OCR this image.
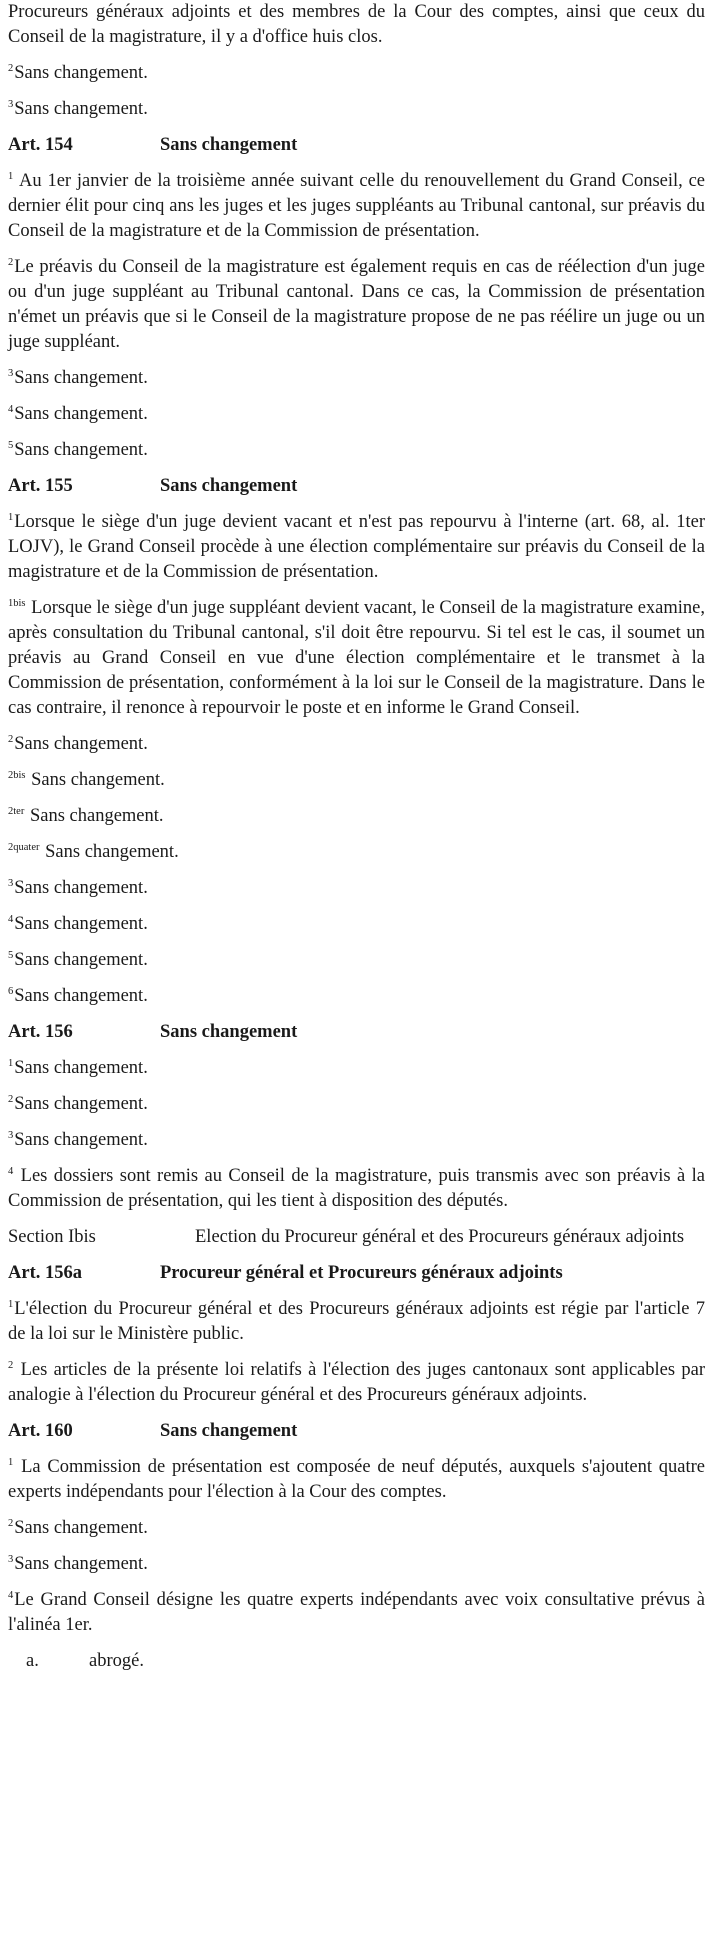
Procureurs généraux adjoints et des membres de la Cour des comptes, ainsi que ceux du Conseil de la magistrature, il y a d'office huis clos.

$^2$Sans changement.

$^3$Sans changement.

Art. 154	Sans changement

$^1$ Au 1er janvier de la troisième année suivant celle du renouvellement du Grand Conseil, ce dernier élit pour cinq ans les juges et les juges suppléants au Tribunal cantonal, sur préavis du Conseil de la magistrature et de la Commission de présentation.

$^2$Le préavis du Conseil de la magistrature est également requis en cas de réélection d'un juge ou d'un juge suppléant au Tribunal cantonal. Dans ce cas, la Commission de présentation n'émet un préavis que si le Conseil de la magistrature propose de ne pas réélire un juge ou un juge suppléant.

$^3$Sans changement.

$^4$Sans changement.

$^5$Sans changement.

Art. 155	Sans changement

$^1$Lorsque le siège d'un juge devient vacant et n'est pas repourvu à l'interne (art. 68, al. 1ter LOJV), le Grand Conseil procède à une élection complémentaire sur préavis du Conseil de la magistrature et de la Commission de présentation.

$^{1bis}$ Lorsque le siège d'un juge suppléant devient vacant, le Conseil de la magistrature examine, après consultation du Tribunal cantonal, s'il doit être repourvu. Si tel est le cas, il soumet un préavis au Grand Conseil en vue d'une élection complémentaire et le transmet à la Commission de présentation, conformément à la loi sur le Conseil de la magistrature. Dans le cas contraire, il renonce à repourvoir le poste et en informe le Grand Conseil.

$^2$Sans changement.

$^{2bis}$ Sans changement.

$^{2ter}$ Sans changement.

$^{2quater}$ Sans changement.

$^3$Sans changement.

$^4$Sans changement.

$^5$Sans changement.

$^6$Sans changement.

Art. 156	Sans changement

$^1$Sans changement.

$^2$Sans changement.

$^3$Sans changement.

$^4$ Les dossiers sont remis au Conseil de la magistrature, puis transmis avec son préavis à la Commission de présentation, qui les tient à disposition des députés.

Section Ibis	Election du Procureur général et des Procureurs généraux adjoints
Art. 156a	Procureur général et Procureurs généraux adjoints

$^1$L'élection du Procureur général et des Procureurs généraux adjoints est régie par l'article 7 de la loi sur le Ministère public.

$^2$ Les articles de la présente loi relatifs à l'élection des juges cantonaux sont applicables par analogie à l'élection du Procureur général et des Procureurs généraux adjoints.

Art. 160	Sans changement

$^1$ La Commission de présentation est composée de neuf députés, auxquels s'ajoutent quatre experts indépendants pour l'élection à la Cour des comptes.

$^2$Sans changement.

$^3$Sans changement.

$^4$Le Grand Conseil désigne les quatre experts indépendants avec voix consultative prévus à l'alinéa 1er.

a.	abrogé.
